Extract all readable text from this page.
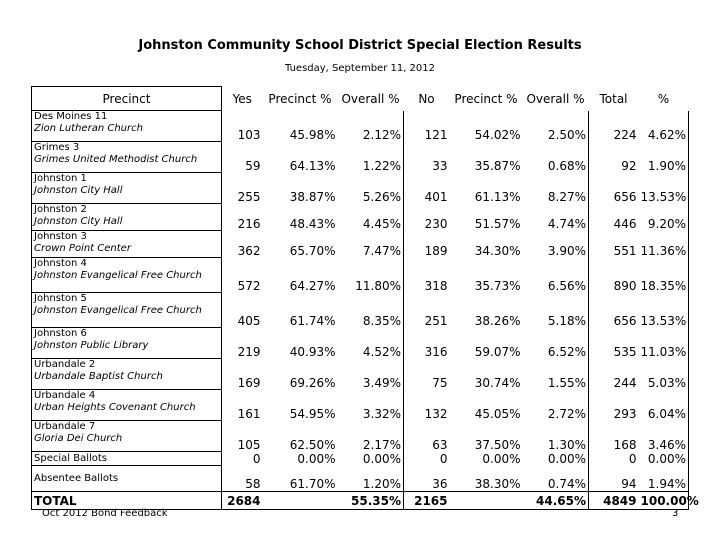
Johnston Community School District Special Election Results
Tuesday, September 11, 2012
Precinct	Yes	Precinct %	Overall %	No	Precinct %	Overall %	Total	%

Des Moines 11
Zion Lutheran Church	103	45.98%	2.12%	121	54.02%	2.50%	224	4.62%

Grimes 3
Grimes United Methodist Church	59	64.13%	1.22%	33	35.87%	0.68%	92	1.90%

Johnston 1
Johnston City Hall	255	38.87%	5.26%	401	61.13%	8.27%	656	13.53%

Johnston 2
Johnston City Hall	216	48.43%	4.45%	230	51.57%	4.74%	446	9.20%

Johnston 3
Crown Point Center	362	65.70%	7.47%	189	34.30%	3.90%	551	11.36%

Johnston 4
Johnston Evangelical Free Church	572	64.27%	11.80%	318	35.73%	6.56%	890	18.35%

Johnston 5
Johnston Evangelical Free Church	405	61.74%	8.35%	251	38.26%	5.18%	656	13.53%

Johnston 6
Johnston Public Library	219	40.93%	4.52%	316	59.07%	6.52%	535	11.03%

Urbandale 2
Urbandale Baptist Church	169	69.26%	3.49%	75	30.74%	1.55%	244	5.03%

Urbandale 4
Urban Heights Covenant Church	161	54.95%	3.32%	132	45.05%	2.72%	293	6.04%

Urbandale 7
Gloria Dei Church	105	62.50%	2.17%	63	37.50%	1.30%	168	3.46%

Special Ballots	0	0.00%	0.00%	0	0.00%	0.00%	0	0.00%

Absentee Ballots	58	61.70%	1.20%	36	38.30%	0.74%	94	1.94%
TOTAL	2684		55.35%	2165		44.65%	4849	100.00%
Oct 2012 Bond Feedback	3
